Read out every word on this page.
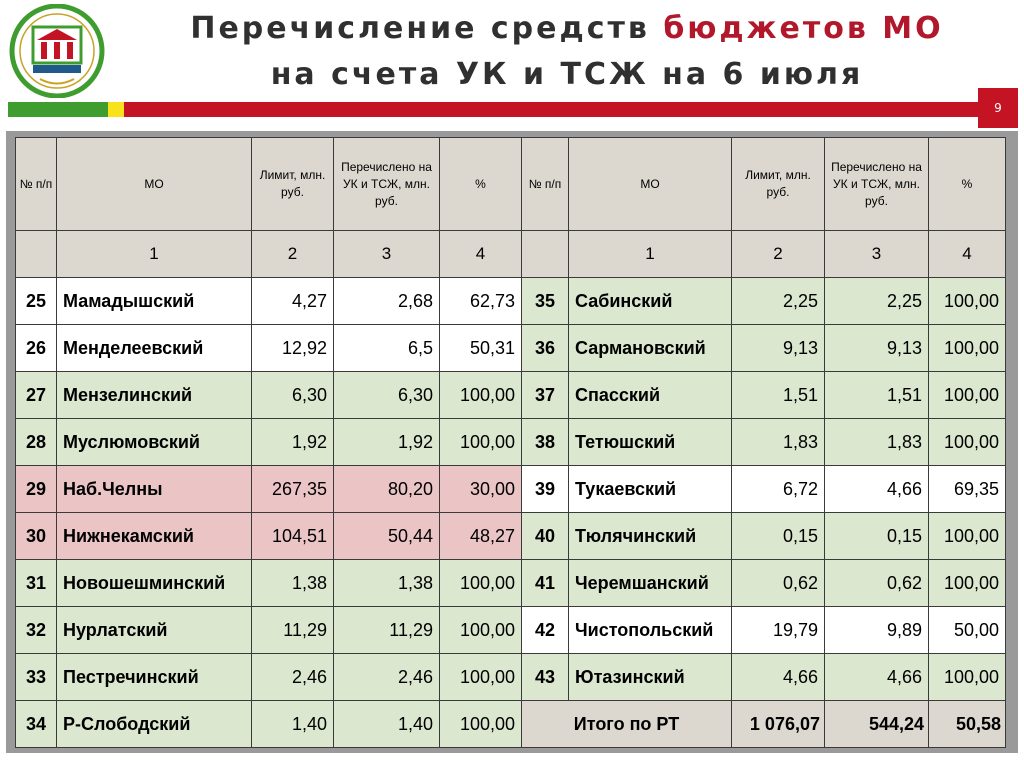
Перечисление средств бюджетов МО
на счета УК и ТСЖ на 6 июля
9
№ п/п	МО	Лимит, млн. руб.	Перечислено на УК и ТСЖ, млн. руб.	%	№ п/п	МО	Лимит, млн. руб.	Перечислено на УК и ТСЖ, млн. руб.	%
	1	2	3	4		1	2	3	4
25	Мамадышский	4,27	2,68	62,73	35	Сабинский	2,25	2,25	100,00
26	Менделеевский	12,92	6,5	50,31	36	Сармановский	9,13	9,13	100,00
27	Мензелинский	6,30	6,30	100,00	37	Спасский	1,51	1,51	100,00
28	Муслюмовский	1,92	1,92	100,00	38	Тетюшский	1,83	1,83	100,00
29	Наб.Челны	267,35	80,20	30,00	39	Тукаевский	6,72	4,66	69,35
30	Нижнекамский	104,51	50,44	48,27	40	Тюлячинский	0,15	0,15	100,00
31	Новошешминский	1,38	1,38	100,00	41	Черемшанский	0,62	0,62	100,00
32	Нурлатский	11,29	11,29	100,00	42	Чистопольский	19,79	9,89	50,00
33	Пестречинский	2,46	2,46	100,00	43	Ютазинский	4,66	4,66	100,00
34	Р-Слободский	1,40	1,40	100,00	Итого по РТ		1 076,07	544,24	50,58
